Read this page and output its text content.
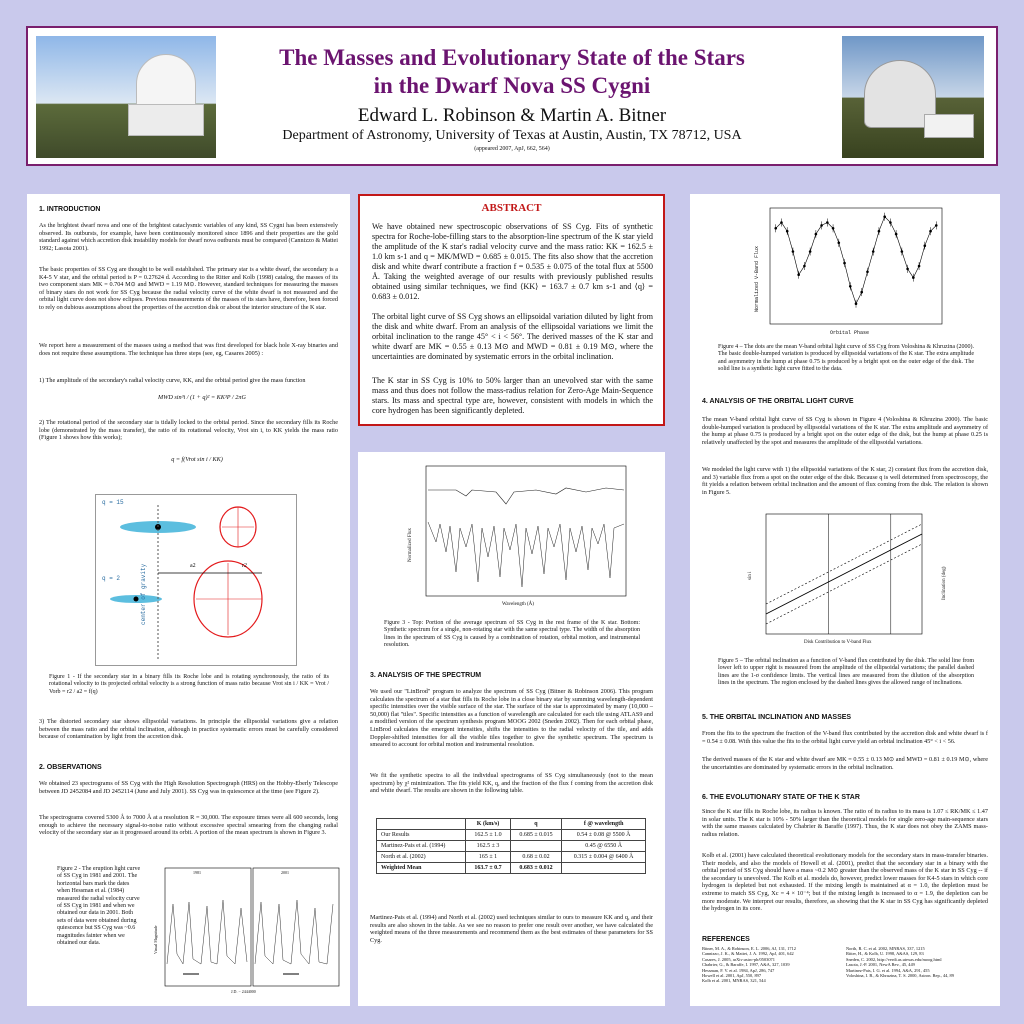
The Masses and Evolutionary State of the Stars
in the Dwarf Nova SS Cygni
Edward L. Robinson & Martin A. Bitner
Department of Astronomy, University of Texas at Austin, Austin, TX 78712, USA
(appeared 2007, ApJ, 662, 564)
1. INTRODUCTION
As the brightest dwarf nova and one of the brightest cataclysmic variables of any kind, SS Cygni has been extensively observed. Its outbursts, for example, have been continuously monitored since 1896 and their properties are the gold standard against which accretion disk instability models for dwarf nova outbursts must be compared (Cannizzo & Mattei 1992; Lasota 2001).
The basic properties of SS Cyg are thought to be well established. The primary star is a white dwarf, the secondary is a K4-5 V star, and the orbital period is P = 0.27624 d. According to the Ritter and Kolb (1998) catalog, the masses of its two component stars MK = 0.704 M⊙ and MWD = 1.19 M⊙. However, standard techniques for measuring the masses of binary stars do not work for SS Cyg because the radial velocity curve of the white dwarf is not measured and the orbital light curve does not show eclipses. Previous measurements of the masses of its stars have, therefore, been forced to rely on dubious assumptions about the properties of the accretion disk or about the interior structure of the K star.
We report here a measurement of the masses using a method that was first developed for black hole X-ray binaries and does not require these assumptions. The technique has three steps (see, eg, Casares 2005) :
1) The amplitude of the secondary's radial velocity curve, KK, and the orbital period give the mass function
MWD sin³i / (1 + q)² = KK³P / 2πG
2) The rotational period of the secondary star is tidally locked to the orbital period. Since the secondary fills its Roche lobe (demonstrated by the mass transfer), the ratio of its rotational velocity, Vrot sin i, to KK yields the mass ratio (Figure 1 shows how this works);
q = f(Vrot sin i / KK)
q = 15
q = 2
a2	r2
center of gravity
Figure 1 - If the secondary star in a binary fills its Roche lobe and is rotating synchronously, the ratio of its rotational velocity to its projected orbital velocity is a strong function of mass ratio because Vrot sin i / KK = Vrot / Vorb = r2 / a2 = f(q)
3) The distorted secondary star shows ellipsoidal variations. In principle the ellipsoidal variations give a relation between the mass ratio and the orbital inclination, although in practice systematic errors must be carefully considered because of contamination by light from the accretion disk.
2. OBSERVATIONS
We obtained 23 spectrograms of SS Cyg with the High Resolution Spectrograph (HRS) on the Hobby-Eberly Telescope between JD 2452084 and JD 2452114 (June and July 2001). SS Cyg was in quiescence at the time (see Figure 2).
The spectrograms covered 5300 Å to 7000 Å at a resolution R = 30,000. The exposure times were all 600 seconds, long enough to achieve the necessary signal-to-noise ratio without excessive spectral smearing from the changing radial velocity of the secondary star as it progressed around its orbit. A portion of the mean spectrum is shown in Figure 3.
Figure 2 - The eruption light curve of SS Cyg in 1981 and 2001. The horizontal bars mark the dates when Hessman et al. (1984) measured the radial velocity curve of SS Cyg in 1981 and when we obtained our data in 2001. Both sets of data were obtained during quiescence but SS Cyg was ~0.6 magnitudes fainter when we obtained our data.
1981	2001
Visual Magnitude
J.D. − 2444000
ABSTRACT
We have obtained new spectroscopic observations of SS Cyg. Fits of synthetic spectra for Roche-lobe-filling stars to the absorption-line spectrum of the K star yield the amplitude of the K star's radial velocity curve and the mass ratio: KK = 162.5 ± 1.0 km s-1 and q = MK/MWD = 0.685 ± 0.015. The fits also show that the accretion disk and white dwarf contribute a fraction f = 0.535 ± 0.075 of the total flux at 5500 Å. Taking the weighted average of our results with previously published results obtained using similar techniques, we find ⟨KK⟩ = 163.7 ± 0.7 km s-1 and ⟨q⟩ = 0.683 ± 0.012.
The orbital light curve of SS Cyg shows an ellipsoidal variation diluted by light from the disk and white dwarf. From an analysis of the ellipsoidal variations we limit the orbital inclination to the range 45° < i < 56°. The derived masses of the K star and white dwarf are MK = 0.55 ± 0.13 M⊙ and MWD = 0.81 ± 0.19 M⊙, where the uncertainties are dominated by systematic errors in the orbital inclination.
The K star in SS Cyg is 10% to 50% larger than an unevolved star with the same mass and thus does not follow the mass-radius relation for Zero-Age Main-Sequence stars. Its mass and spectral type are, however, consistent with models in which the core hydrogen has been significantly depleted.
Normalized Flux
Wavelength (Å)
Figure 3 - Top: Portion of the average spectrum of SS Cyg in the rest frame of the K star. Bottom: Synthetic spectrum for a single, non-rotating star with the same spectral type. The width of the absorption lines in the spectrum of SS Cyg is caused by a combination of rotation, orbital motion, and instrumental resolution.
3. ANALYSIS OF THE SPECTRUM
We used our "LinBrod" program to analyze the spectrum of SS Cyg (Bitner & Robinson 2006). This program calculates the spectrum of a star that fills its Roche lobe in a close binary star by summing wavelength-dependent specific intensities over the visible surface of the star. The surface of the star is approximated by many (10,000 – 50,000) flat "tiles". Specific intensities as a function of wavelength are calculated for each tile using ATLAS9 and a modified version of the spectrum synthesis program MOOG 2002 (Sneden 2002). Then for each orbital phase, LinBrod calculates the emergent intensities, shifts the intensities to the radial velocity of the tile, and adds Doppler-shifted intensities for all the visible tiles together to give the synthetic spectrum. The spectrum is smeared to account for orbital motion and instrumental resolution.
We fit the synthetic spectra to all the individual spectrograms of SS Cyg simultaneously (not to the mean spectrum) by χ² minimization. The fits yield KK, q, and the fraction of the flux f coming from the accretion disk and white dwarf. The results are shown in the following table.
	K (km/s)	q	f @ wavelength
Our Results	162.5 ± 1.0	0.685 ± 0.015	0.54 ± 0.08 @ 5500 Å
Martinez-Pais et al. (1994)	162.5 ± 3		0.45 @ 6550 Å
North et al. (2002)	165 ± 1	0.68 ± 0.02	0.315 ± 0.004 @ 6400 Å
Weighted Mean	163.7 ± 0.7	0.683 ± 0.012	
Martinez-Pais et al. (1994) and North et al. (2002) used techniques similar to ours to measure KK and q, and their results are also shown in the table. As we see no reason to prefer one result over another, we have calculated the weighted means of the three measurements and recommend them as the best estimates of these parameters for SS Cyg.
Normalized V-Band Flux
Orbital Phase
Figure 4 – The dots are the mean V-band orbital light curve of SS Cyg from Voloshina & Khruzina (2000). The basic double-humped variation is produced by ellipsoidal variations of the K star. The extra amplitude and asymmetry in the hump at phase 0.75 is produced by a bright spot on the outer edge of the disk. The solid line is a synthetic light curve fitted to the data.
4. ANALYSIS OF THE ORBITAL LIGHT CURVE
The mean V-band orbital light curve of SS Cyg is shown in Figure 4 (Voloshina & Khruzina 2000). The basic double-humped variation is produced by ellipsoidal variations of the K star. The extra amplitude and asymmetry of the hump at phase 0.75 is produced by a bright spot on the outer edge of the disk, but the hump at phase 0.25 is relatively unaffected by the spot and measures the amplitude of the ellipsoidal variations.
We modeled the light curve with 1) the ellipsoidal variations of the K star, 2) constant flux from the accretion disk, and 3) variable flux from a spot on the outer edge of the disk. Because q is well determined from spectroscopy, the fit yields a relation between orbital inclination and the amount of flux coming from the disk. The relation is shown in Figure 5.
Disk Contribution to V-band Flux
sin i	Inclination (deg)
Figure 5 – The orbital inclination as a function of V-band flux contributed by the disk. The solid line from lower left to upper right is measured from the amplitude of the ellipsoidal variations; the parallel dashed lines are the 1-σ confidence limits. The vertical lines are measured from the dilution of the absorption lines in the spectrum. The region enclosed by the dashed lines gives the allowed range of inclinations.
5. THE ORBITAL INCLINATION AND MASSES
From the fits to the spectrum the fraction of the V-band flux contributed by the accretion disk and white dwarf is f = 0.54 ± 0.08. With this value the fits to the orbital light curve yield an orbital inclination 45° < i < 56.
The derived masses of the K star and white dwarf are MK = 0.55 ± 0.13 M⊙ and MWD = 0.81 ± 0.19 M⊙, where the uncertainties are dominated by systematic errors in the orbital inclination.
6. THE EVOLUTIONARY STATE OF THE K STAR
Since the K star fills its Roche lobe, its radius is known. The ratio of its radius to its mass is 1.07 ≤ RK/MK ≤ 1.47 in solar units. The K star is 10% - 50% larger than the theoretical models for single zero-age main-sequence stars with the same masses calculated by Chabrier & Baraffe (1997). Thus, the K star does not obey the ZAMS mass-radius relation.
Kolb et al. (2001) have calculated theoretical evolutionary models for the secondary stars in mass-transfer binaries. Their models, and also the models of Howell et al. (2001), predict that the secondary star in a binary with the orbital period of SS Cyg should have a mass ~0.2 M⊙ greater than the observed mass of the K star in SS Cyg -- if the secondary is unevolved. The Kolb et al. models do, however, predict lower masses for K4-5 stars in which core hydrogen is depleted but not exhausted. If the mixing length is maintained at α = 1.0, the depletion must be extreme to match SS Cyg, Xc = 4 × 10⁻⁴; but if the mixing length is increased to α = 1.9, the depletion can be more moderate. We interpret our results, therefore, as showing that the K star in SS Cyg has significantly depleted the hydrogen in its core.
REFERENCES
Bitner, M. A., & Robinson, E. L. 2006, AJ, 131, 1712
Cannizzo, J. K., & Mattei, J. A. 1992, ApJ, 401, 642
Casares, J. 2005, arXiv:astro-ph/0503071
Chabrier, G., & Baraffe, I. 1997, A&A, 327, 1039
Hessman, F. V. et al. 1984, ApJ, 286, 747
Howell et al. 2001, ApJ, 550, 897
Kolb et al. 2001, MNRAS, 321, 544
North, R. C. et al. 2002, MNRAS, 337, 1215
Ritter, H., & Kolb, U. 1998, A&AS, 129, 83
Sneden, C. 2002, http://verdi.as.utexas.edu/moog.html
Lasota, J.-P. 2001, NewA Rev., 45, 449
Martinez-Pais, I. G. et al. 1994, A&A, 291, 455
Voloshina, I. B., & Khruzina, T. S. 2000, Astron. Rep., 44, 89
